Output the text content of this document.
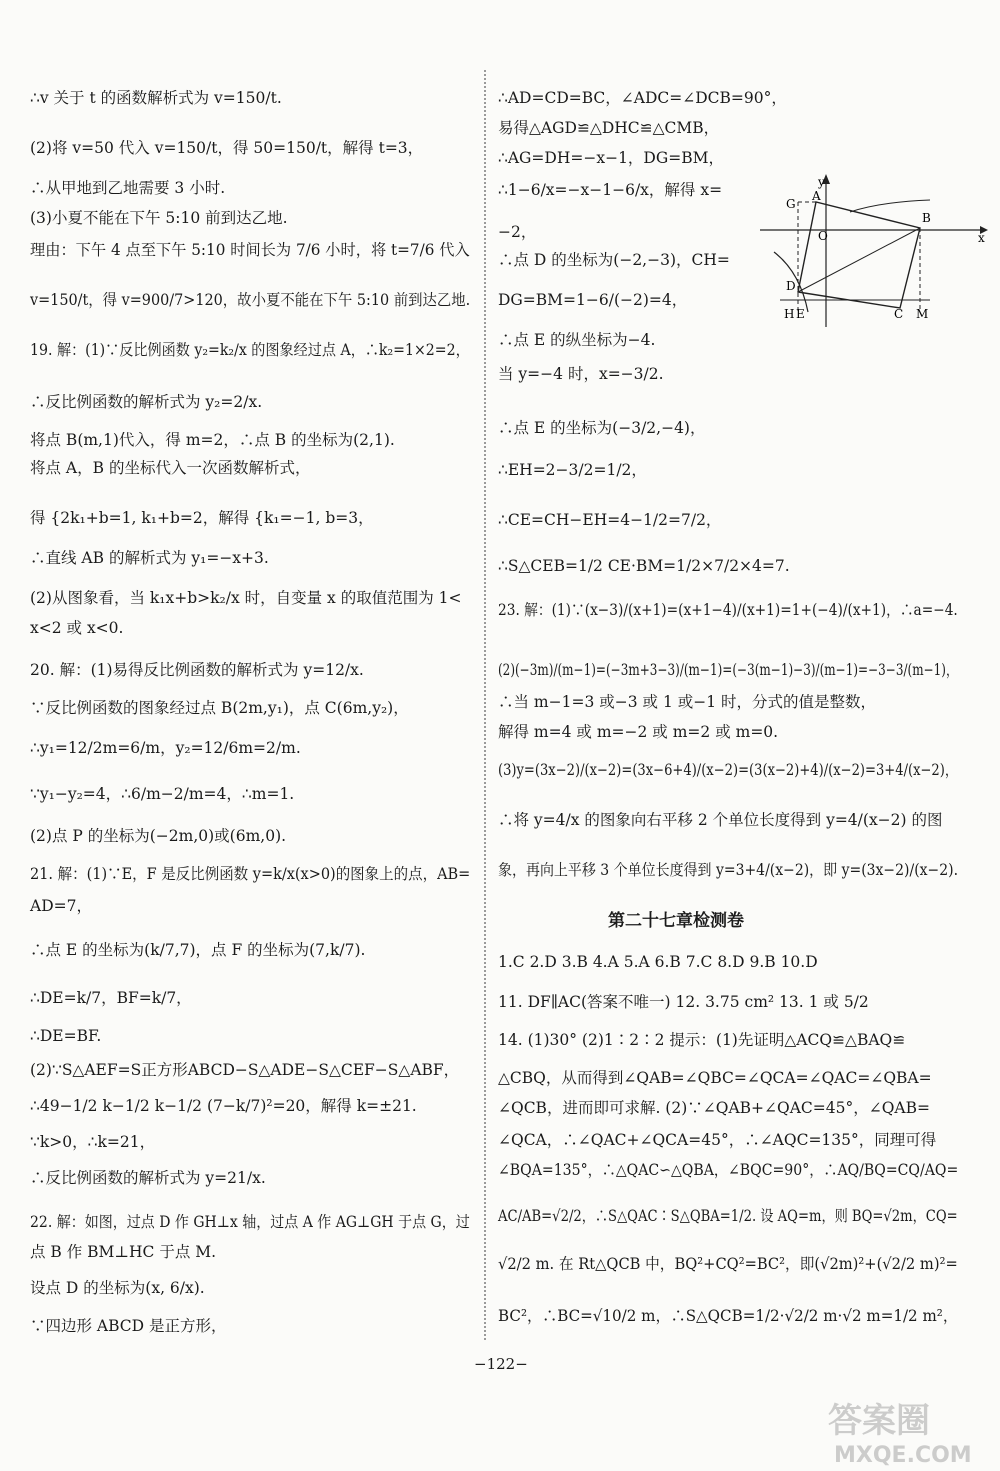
∴v 关于 t 的函数解析式为 v=150/t.
(2)将 v=50 代入 v=150/t，得 50=150/t，解得 t=3，
∴从甲地到乙地需要 3 小时.
(3)小夏不能在下午 5:10 前到达乙地.
理由：下午 4 点至下午 5:10 时间长为 7/6 小时，将 t=7/6 代入
v=150/t，得 v=900/7>120，故小夏不能在下午 5:10 前到达乙地.
19. 解：(1)∵反比例函数 y₂=k₂/x 的图象经过点 A，∴k₂=1×2=2，
∴反比例函数的解析式为 y₂=2/x.
将点 B(m,1)代入，得 m=2，∴点 B 的坐标为(2,1).
将点 A，B 的坐标代入一次函数解析式，
得 {2k₁+b=1, k₁+b=2，解得 {k₁=−1, b=3，
∴直线 AB 的解析式为 y₁=−x+3.
(2)从图象看，当 k₁x+b>k₂/x 时，自变量 x 的取值范围为 1<
x<2 或 x<0.
20. 解：(1)易得反比例函数的解析式为 y=12/x.
∵反比例函数的图象经过点 B(2m,y₁)，点 C(6m,y₂)，
∴y₁=12/2m=6/m，y₂=12/6m=2/m.
∵y₁−y₂=4，∴6/m−2/m=4，∴m=1.
(2)点 P 的坐标为(−2m,0)或(6m,0).
21. 解：(1)∵E，F 是反比例函数 y=k/x(x>0)的图象上的点，AB=
AD=7，
∴点 E 的坐标为(k/7,7)，点 F 的坐标为(7,k/7).
∴DE=k/7，BF=k/7，
∴DE=BF.
(2)∵S△AEF=S正方形ABCD−S△ADE−S△CEF−S△ABF，
∴49−1/2 k−1/2 k−1/2 (7−k/7)²=20，解得 k=±21.
∵k>0，∴k=21，
∴反比例函数的解析式为 y=21/x.
22. 解：如图，过点 D 作 GH⊥x 轴，过点 A 作 AG⊥GH 于点 G，过
点 B 作 BM⊥HC 于点 M.
设点 D 的坐标为(x, 6/x).
∵四边形 ABCD 是正方形，
∴AD=CD=BC，∠ADC=∠DCB=90°，
易得△AGD≌△DHC≌△CMB，
∴AG=DH=−x−1，DG=BM，
∴1−6/x=−x−1−6/x，解得 x=
−2，
∴点 D 的坐标为(−2,−3)，CH=
DG=BM=1−6/(−2)=4，
∴点 E 的纵坐标为−4.
当 y=−4 时，x=−3/2.
∴点 E 的坐标为(−3/2,−4)，
∴EH=2−3/2=1/2，
∴CE=CH−EH=4−1/2=7/2，
∴S△CEB=1/2 CE·BM=1/2×7/2×4=7.
23. 解：(1)∵(x−3)/(x+1)=(x+1−4)/(x+1)=1+(−4)/(x+1)，∴a=−4.
(2)(−3m)/(m−1)=(−3m+3−3)/(m−1)=(−3(m−1)−3)/(m−1)=−3−3/(m−1)，
∴当 m−1=3 或−3 或 1 或−1 时，分式的值是整数，
解得 m=4 或 m=−2 或 m=2 或 m=0.
(3)y=(3x−2)/(x−2)=(3x−6+4)/(x−2)=(3(x−2)+4)/(x−2)=3+4/(x−2)，
∴将 y=4/x 的图象向右平移 2 个单位长度得到 y=4/(x−2) 的图
象，再向上平移 3 个单位长度得到 y=3+4/(x−2)，即 y=(3x−2)/(x−2).
1.C 2.D 3.B 4.A 5.A 6.B 7.C 8.D 9.B 10.D
11. DF∥AC(答案不唯一) 12. 3.75 cm² 13. 1 或 5/2
14. (1)30° (2)1∶2∶2 提示：(1)先证明△ACQ≌△BAQ≌
△CBQ，从而得到∠QAB=∠QBC=∠QCA=∠QAC=∠QBA=
∠QCB，进而即可求解. (2)∵∠QAB+∠QAC=45°，∠QAB=
∠QCA，∴∠QAC+∠QCA=45°，∴∠AQC=135°，同理可得
∠BQA=135°，∴△QAC∽△QBA，∠BQC=90°，∴AQ/BQ=CQ/AQ=
AC/AB=√2/2，∴S△QAC∶S△QBA=1/2. 设 AQ=m，则 BQ=√2m，CQ=
√2/2 m. 在 Rt△QCB 中，BQ²+CQ²=BC²，即(√2m)²+(√2/2 m)²=
BC²，∴BC=√10/2 m，∴S△QCB=1/2·√2/2 m·√2 m=1/2 m²，
第二十七章检测卷
−122−
y
x
O
A
B
G
D
C M
H E
答案圈
MXQE.COM
